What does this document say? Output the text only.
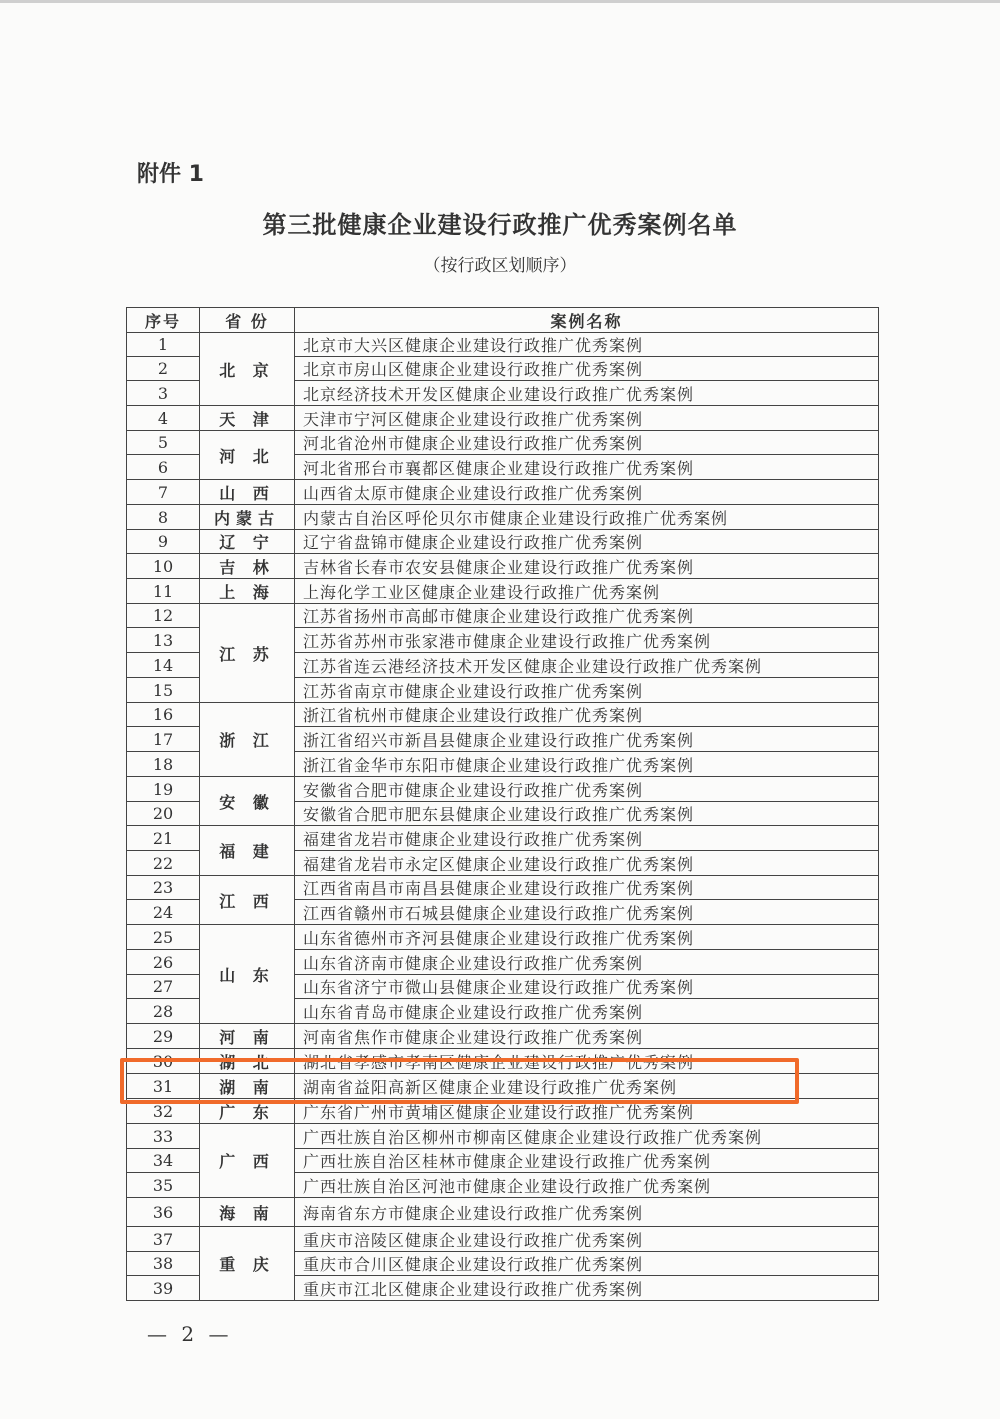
附件 1
第三批健康企业建设行政推广优秀案例名单
（按行政区划顺序）
序号	省 份	案例名称
1	北 京	北京市大兴区健康企业建设行政推广优秀案例
2		北京市房山区健康企业建设行政推广优秀案例
3		北京经济技术开发区健康企业建设行政推广优秀案例
4	天 津	天津市宁河区健康企业建设行政推广优秀案例
5	河 北	河北省沧州市健康企业建设行政推广优秀案例
6		河北省邢台市襄都区健康企业建设行政推广优秀案例
7	山 西	山西省太原市健康企业建设行政推广优秀案例
8	内蒙古	内蒙古自治区呼伦贝尔市健康企业建设行政推广优秀案例
9	辽 宁	辽宁省盘锦市健康企业建设行政推广优秀案例
10	吉 林	吉林省长春市农安县健康企业建设行政推广优秀案例
11	上 海	上海化学工业区健康企业建设行政推广优秀案例
12	江 苏	江苏省扬州市高邮市健康企业建设行政推广优秀案例
13		江苏省苏州市张家港市健康企业建设行政推广优秀案例
14		江苏省连云港经济技术开发区健康企业建设行政推广优秀案例
15		江苏省南京市健康企业建设行政推广优秀案例
16	浙 江	浙江省杭州市健康企业建设行政推广优秀案例
17		浙江省绍兴市新昌县健康企业建设行政推广优秀案例
18		浙江省金华市东阳市健康企业建设行政推广优秀案例
19	安 徽	安徽省合肥市健康企业建设行政推广优秀案例
20		安徽省合肥市肥东县健康企业建设行政推广优秀案例
21	福 建	福建省龙岩市健康企业建设行政推广优秀案例
22		福建省龙岩市永定区健康企业建设行政推广优秀案例
23	江 西	江西省南昌市南昌县健康企业建设行政推广优秀案例
24		江西省赣州市石城县健康企业建设行政推广优秀案例
25	山 东	山东省德州市齐河县健康企业建设行政推广优秀案例
26		山东省济南市健康企业建设行政推广优秀案例
27		山东省济宁市微山县健康企业建设行政推广优秀案例
28		山东省青岛市健康企业建设行政推广优秀案例
29	河 南	河南省焦作市健康企业建设行政推广优秀案例
30	湖 北	湖北省孝感市孝南区健康企业建设行政推广优秀案例
31	湖 南	湖南省益阳高新区健康企业建设行政推广优秀案例
32	广 东	广东省广州市黄埔区健康企业建设行政推广优秀案例
33	广 西	广西壮族自治区柳州市柳南区健康企业建设行政推广优秀案例
34		广西壮族自治区桂林市健康企业建设行政推广优秀案例
35		广西壮族自治区河池市健康企业建设行政推广优秀案例
36	海 南	海南省东方市健康企业建设行政推广优秀案例
37	重 庆	重庆市涪陵区健康企业建设行政推广优秀案例
38		重庆市合川区健康企业建设行政推广优秀案例
39		重庆市江北区健康企业建设行政推广优秀案例
— 2 —
